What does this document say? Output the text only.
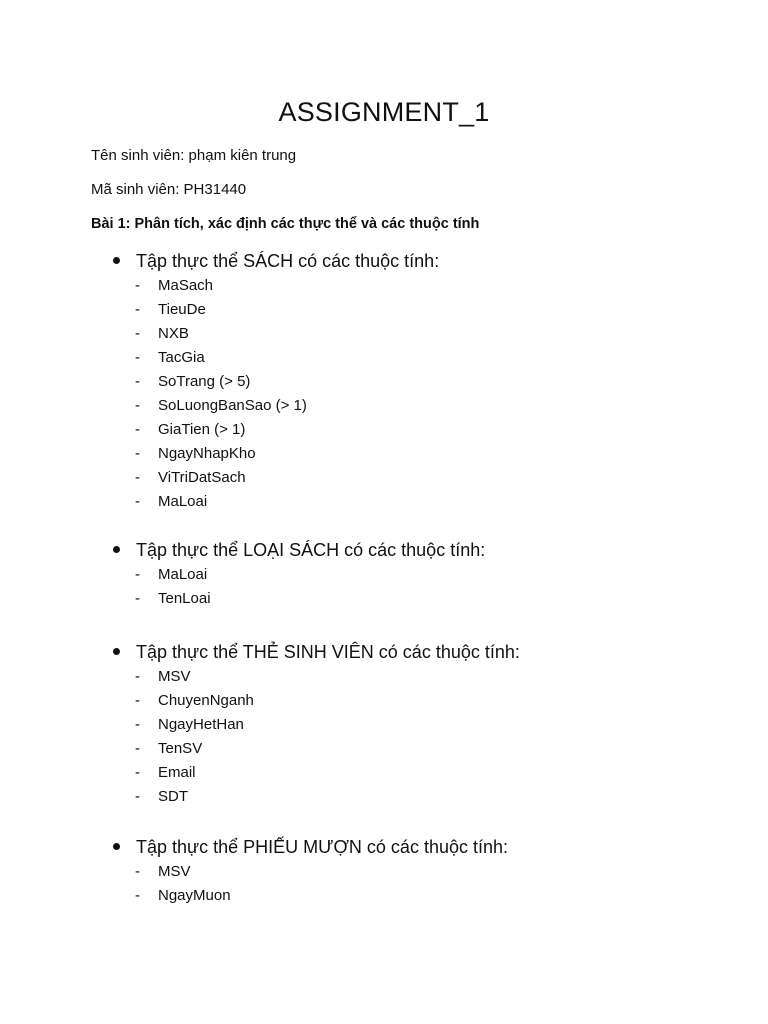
ASSIGNMENT_1
Tên sinh viên: phạm kiên trung
Mã sinh viên: PH31440
Bài 1: Phân tích, xác định các thực thể và các thuộc tính
Tập thực thể SÁCH có các thuộc tính:
- MaSach
- TieuDe
- NXB
- TacGia
- SoTrang (> 5)
- SoLuongBanSao (> 1)
- GiaTien (> 1)
- NgayNhapKho
- ViTriDatSach
- MaLoai
Tập thực thể LOẠI SÁCH có các thuộc tính:
- MaLoai
- TenLoai
Tập thực thể THẺ SINH VIÊN có các thuộc tính:
- MSV
- ChuyenNganh
- NgayHetHan
- TenSV
- Email
- SDT
Tập thực thể PHIẾU MƯỢN có các thuộc tính:
- MSV
- NgayMuon
